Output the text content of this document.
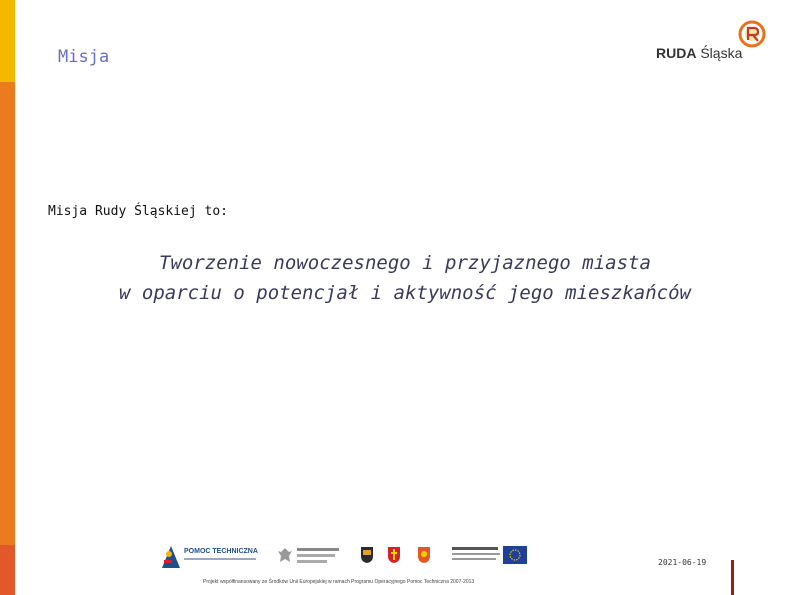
Misja	RUDA Śląska
Misja Rudy Śląskiej to:
Tworzenie nowoczesnego i przyjaznego miasta
w oparciu o potencjał i aktywność jego mieszkańców
POMOC TECHNICZNA
Projekt współfinansowany ze Środków Unii Europejskiej w ramach Programu Operacyjnego Pomoc Techniczna 2007-2013
2021-06-19
